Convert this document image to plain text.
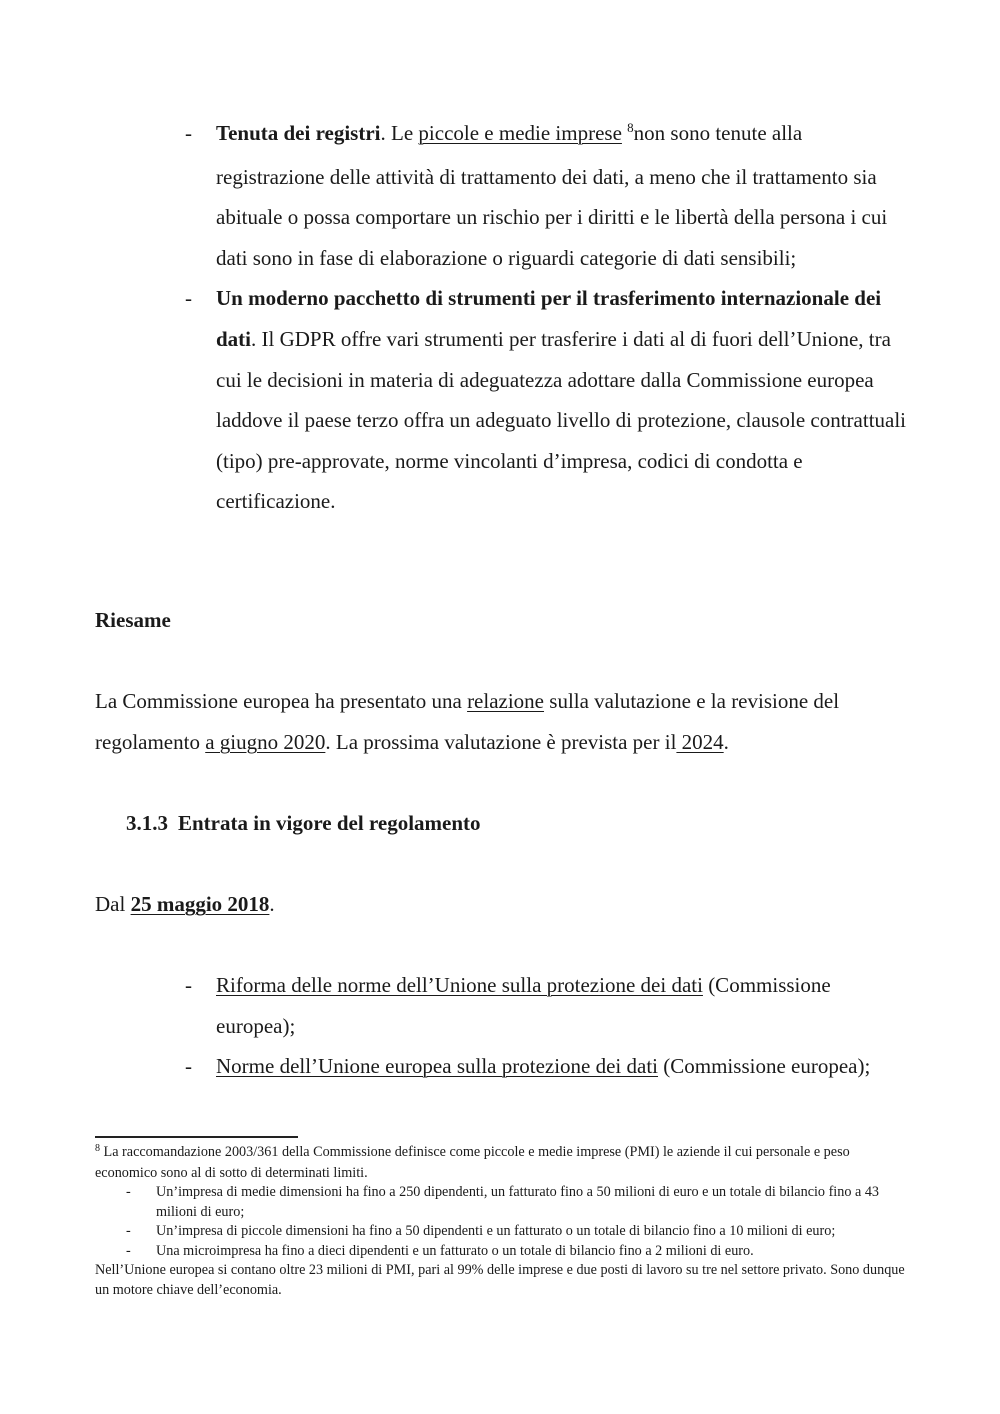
- Tenuta dei registri. Le piccole e medie imprese $^8$non sono tenute alla registrazione delle attività di trattamento dei dati, a meno che il trattamento sia abituale o possa comportare un rischio per i diritti e le libertà della persona i cui dati sono in fase di elaborazione o riguardi categorie di dati sensibili;
- Un moderno pacchetto di strumenti per il trasferimento internazionale dei dati. Il GDPR offre vari strumenti per trasferire i dati al di fuori dell’Unione, tra cui le decisioni in materia di adeguatezza adottare dalla Commissione europea laddove il paese terzo offra un adeguato livello di protezione, clausole contrattuali (tipo) pre-approvate, norme vincolanti d’impresa, codici di condotta e certificazione.
Riesame
La Commissione europea ha presentato una relazione sulla valutazione e la revisione del regolamento a giugno 2020. La prossima valutazione è prevista per il 2024.
3.1.3 Entrata in vigore del regolamento
Dal 25 maggio 2018.
- Riforma delle norme dell’Unione sulla protezione dei dati (Commissione europea);
- Norme dell’Unione europea sulla protezione dei dati (Commissione europea);
$^8$ La raccomandazione 2003/361 della Commissione definisce come piccole e medie imprese (PMI) le aziende il cui personale e peso economico sono al di sotto di determinati limiti.
- Un’impresa di medie dimensioni ha fino a 250 dipendenti, un fatturato fino a 50 milioni di euro e un totale di bilancio fino a 43 milioni di euro;
- Un’impresa di piccole dimensioni ha fino a 50 dipendenti e un fatturato o un totale di bilancio fino a 10 milioni di euro;
- Una microimpresa ha fino a dieci dipendenti e un fatturato o un totale di bilancio fino a 2 milioni di euro.
Nell’Unione europea si contano oltre 23 milioni di PMI, pari al 99% delle imprese e due posti di lavoro su tre nel settore privato. Sono dunque un motore chiave dell’economia.
